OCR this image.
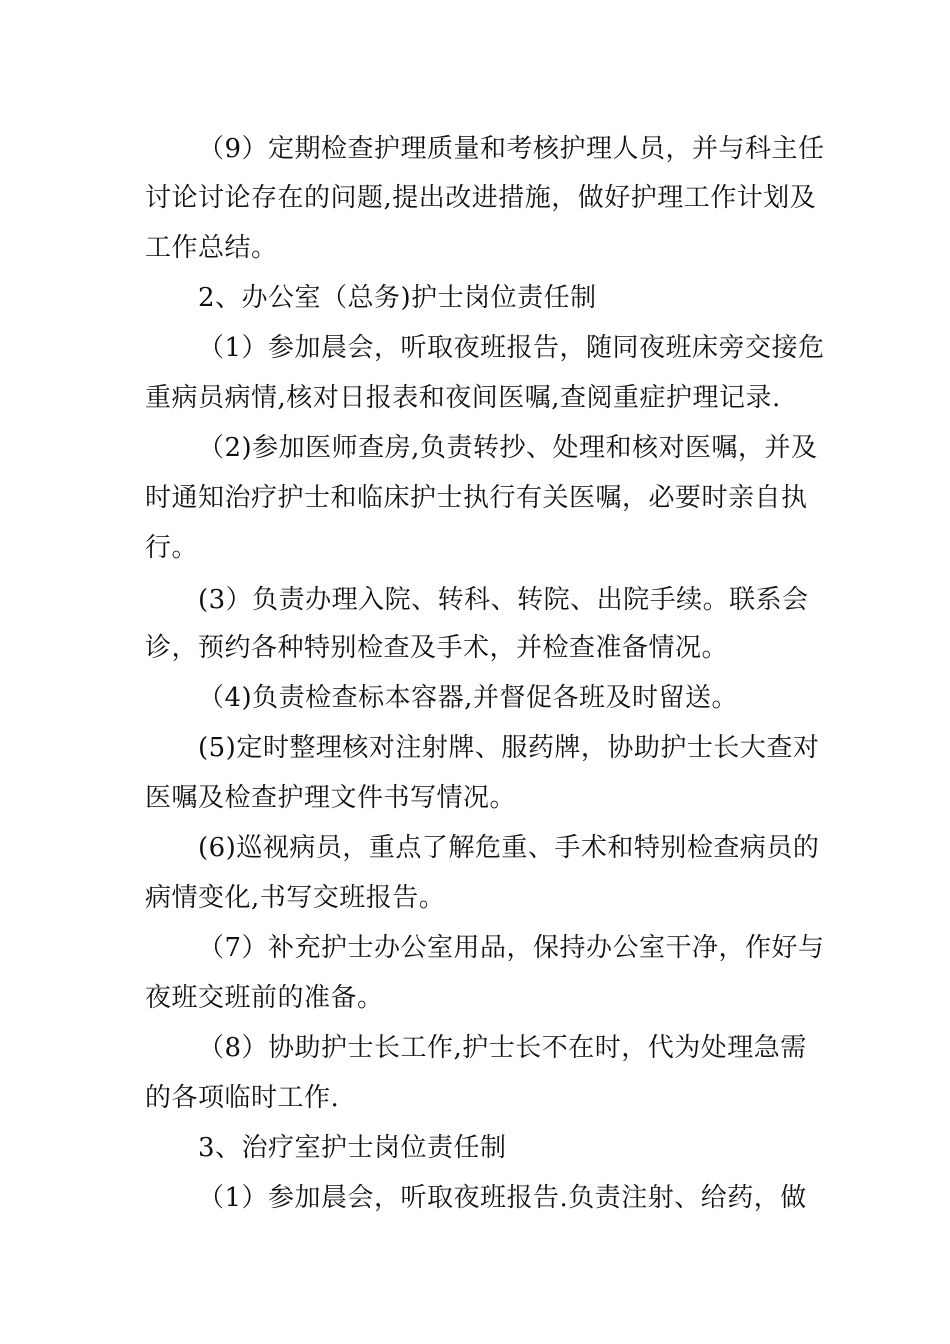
（9）定期检查护理质量和考核护理人员，并与科主任
讨论讨论存在的问题,提出改进措施，做好护理工作计划及
工作总结。
2、办公室（总务)护士岗位责任制
（1）参加晨会，听取夜班报告，随同夜班床旁交接危
重病员病情,核对日报表和夜间医嘱,查阅重症护理记录.
（2)参加医师查房,负责转抄、处理和核对医嘱，并及
时通知治疗护士和临床护士执行有关医嘱，必要时亲自执
行。
(3）负责办理入院、转科、转院、出院手续。联系会
诊，预约各种特别检查及手术，并检查准备情况。
（4)负责检查标本容器,并督促各班及时留送。
(5)定时整理核对注射牌、服药牌，协助护士长大查对
医嘱及检查护理文件书写情况。
(6)巡视病员，重点了解危重、手术和特别检查病员的
病情变化,书写交班报告。
（7）补充护士办公室用品，保持办公室干净，作好与
夜班交班前的准备。
（8）协助护士长工作,护士长不在时，代为处理急需
的各项临时工作.
3、治疗室护士岗位责任制
（1）参加晨会，听取夜班报告.负责注射、给药，做
